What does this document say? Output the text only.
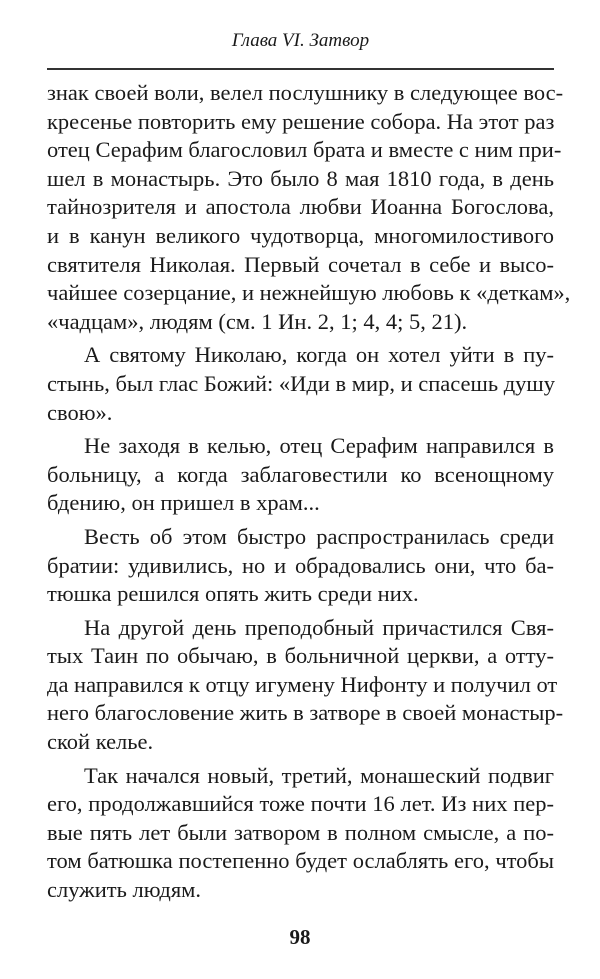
Глава VI. Затвор
знак своей воли, велел послушнику в следующее вос-
кресенье повторить ему решение собора. На этот раз
отец Серафим благословил брата и вместе с ним при-
шел в монастырь. Это было 8 мая 1810 года, в день
тайнозрителя и апостола любви Иоанна Богослова,
и в канун великого чудотворца, многомилостивого
святителя Николая. Первый сочетал в себе и высо-
чайшее созерцание, и нежнейшую любовь к «деткам»,
«чадцам», людям (см. 1 Ин. 2, 1; 4, 4; 5, 21).
А святому Николаю, когда он хотел уйти в пу-
стынь, был глас Божий: «Иди в мир, и спасешь душу
свою».
Не заходя в келью, отец Серафим направился в
больницу, а когда заблаговестили ко всенощному
бдению, он пришел в храм...
Весть об этом быстро распространилась среди
братии: удивились, но и обрадовались они, что ба-
тюшка решился опять жить среди них.
На другой день преподобный причастился Свя-
тых Таин по обычаю, в больничной церкви, а отту-
да направился к отцу игумену Нифонту и получил от
него благословение жить в затворе в своей монастыр-
ской келье.
Так начался новый, третий, монашеский подвиг
его, продолжавшийся тоже почти 16 лет. Из них пер-
вые пять лет были затвором в полном смысле, а по-
том батюшка постепенно будет ослаблять его, чтобы
служить людям.
98
